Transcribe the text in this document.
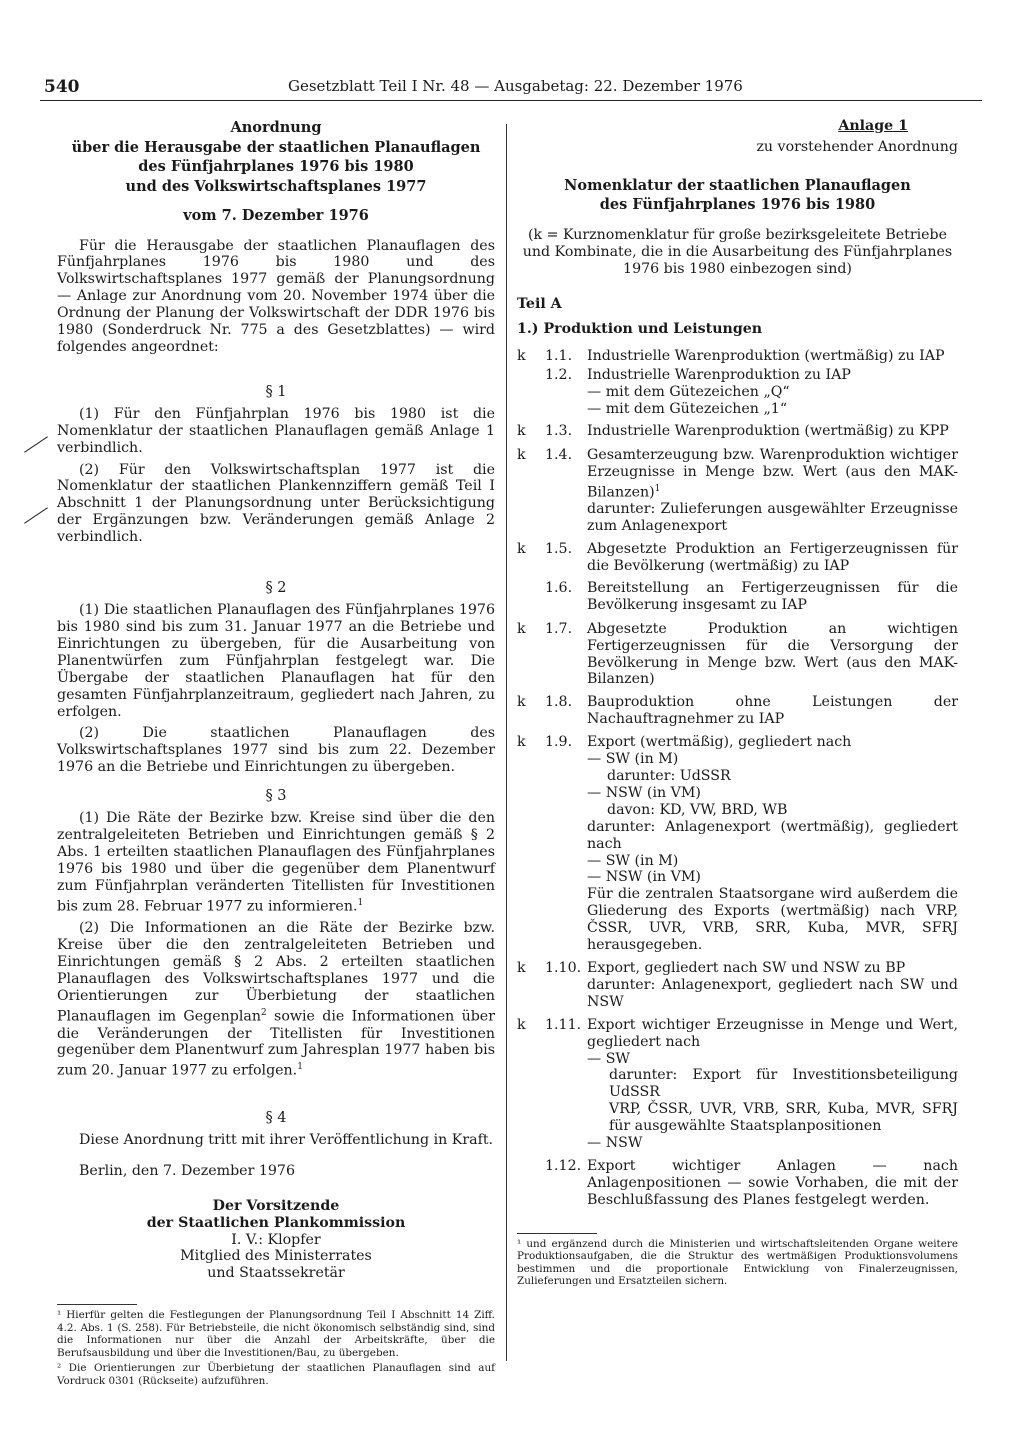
540	Gesetzblatt Teil I Nr. 48 — Ausgabetag: 22. Dezember 1976
Anordnung
über die Herausgabe der staatlichen Planauflagen
des Fünfjahrplanes 1976 bis 1980
und des Volkswirtschaftsplanes 1977
vom 7. Dezember 1976
Für die Herausgabe der staatlichen Planauflagen des Fünfjahrplanes 1976 bis 1980 und des Volkswirtschaftsplanes 1977 gemäß der Planungsordnung — Anlage zur Anordnung vom 20. November 1974 über die Ordnung der Planung der Volkswirtschaft der DDR 1976 bis 1980 (Sonderdruck Nr. 775 a des Gesetzblattes) — wird folgendes angeordnet:
§ 1
(1) Für den Fünfjahrplan 1976 bis 1980 ist die Nomenklatur der staatlichen Planauflagen gemäß Anlage 1 verbindlich.
(2) Für den Volkswirtschaftsplan 1977 ist die Nomenklatur der staatlichen Plankennziffern gemäß Teil I Abschnitt 1 der Planungsordnung unter Berücksichtigung der Ergänzungen bzw. Veränderungen gemäß Anlage 2 verbindlich.
§ 2
(1) Die staatlichen Planauflagen des Fünfjahrplanes 1976 bis 1980 sind bis zum 31. Januar 1977 an die Betriebe und Einrichtungen zu übergeben, für die Ausarbeitung von Planentwürfen zum Fünfjahrplan festgelegt war. Die Übergabe der staatlichen Planauflagen hat für den gesamten Fünfjahrplanzeitraum, gegliedert nach Jahren, zu erfolgen.
(2) Die staatlichen Planauflagen des Volkswirtschaftsplanes 1977 sind bis zum 22. Dezember 1976 an die Betriebe und Einrichtungen zu übergeben.
§ 3
(1) Die Räte der Bezirke bzw. Kreise sind über die den zentralgeleiteten Betrieben und Einrichtungen gemäß § 2 Abs. 1 erteilten staatlichen Planauflagen des Fünfjahrplanes 1976 bis 1980 und über die gegenüber dem Planentwurf zum Fünfjahrplan veränderten Titellisten für Investitionen bis zum 28. Februar 1977 zu informieren.$^1$
(2) Die Informationen an die Räte der Bezirke bzw. Kreise über die den zentralgeleiteten Betrieben und Einrichtungen gemäß § 2 Abs. 2 erteilten staatlichen Planauflagen des Volkswirtschaftsplanes 1977 und die Orientierungen zur Überbietung der staatlichen Planauflagen im Gegenplan$^2$ sowie die Informationen über die Veränderungen der Titellisten für Investitionen gegenüber dem Planentwurf zum Jahresplan 1977 haben bis zum 20. Januar 1977 zu erfolgen.$^1$
§ 4
Diese Anordnung tritt mit ihrer Veröffentlichung in Kraft.
Berlin, den 7. Dezember 1976
Der Vorsitzende
der Staatlichen Plankommission
I. V.: Klopfer
Mitglied des Ministerrates
und Staatssekretär
¹ Hierfür gelten die Festlegungen der Planungsordnung Teil I Abschnitt 14 Ziff. 4.2. Abs. 1 (S. 258). Für Betriebsteile, die nicht ökonomisch selbständig sind, sind die Informationen nur über die Anzahl der Arbeitskräfte, über die Berufsausbildung und über die Investitionen/Bau, zu übergeben.
² Die Orientierungen zur Überbietung der staatlichen Planauflagen sind auf Vordruck 0301 (Rückseite) aufzuführen.
Anlage 1
zu vorstehender Anordnung
Nomenklatur der staatlichen Planauflagen
des Fünfjahrplanes 1976 bis 1980
(k = Kurznomenklatur für große bezirksgeleitete Betriebe und Kombinate, die in die Ausarbeitung des Fünfjahrplanes 1976 bis 1980 einbezogen sind)
Teil A
1.) Produktion und Leistungen
k	1.1.	Industrielle Warenproduktion (wertmäßig) zu IAP
1.2.	Industrielle Warenproduktion zu IAP
— mit dem Gütezeichen „Q“
— mit dem Gütezeichen „1“
k	1.3.	Industrielle Warenproduktion (wertmäßig) zu KPP
k	1.4.	Gesamterzeugung bzw. Warenproduktion wichtiger Erzeugnisse in Menge bzw. Wert (aus den MAK-Bilanzen)$^1$
darunter: Zulieferungen ausgewählter Erzeugnisse zum Anlagenexport
k	1.5.	Abgesetzte Produktion an Fertigerzeugnissen für die Bevölkerung (wertmäßig) zu IAP
1.6.	Bereitstellung an Fertigerzeugnissen für die Bevölkerung insgesamt zu IAP
k	1.7.	Abgesetzte Produktion an wichtigen Fertigerzeugnissen für die Versorgung der Bevölkerung in Menge bzw. Wert (aus den MAK-Bilanzen)
k	1.8.	Bauproduktion ohne Leistungen der Nachauftragnehmer zu IAP
k	1.9.	Export (wertmäßig), gegliedert nach
— SW (in M)
darunter: UdSSR
— NSW (in VM)
davon: KD, VW, BRD, WB
darunter: Anlagenexport (wertmäßig), gegliedert nach
— SW (in M)
— NSW (in VM)
Für die zentralen Staatsorgane wird außerdem die Gliederung des Exports (wertmäßig) nach VRP, ČSSR, UVR, VRB, SRR, Kuba, MVR, SFRJ herausgegeben.
k	1.10. Export, gegliedert nach SW und NSW zu BP
darunter: Anlagenexport, gegliedert nach SW und NSW
k	1.11. Export wichtiger Erzeugnisse in Menge und Wert, gegliedert nach
— SW
darunter: Export für Investitionsbeteiligung UdSSR
VRP, ČSSR, UVR, VRB, SRR, Kuba, MVR, SFRJ für ausgewählte Staatsplanpositionen
— NSW
1.12. Export wichtiger Anlagen — nach Anlagenpositionen — sowie Vorhaben, die mit der Beschlußfassung des Planes festgelegt werden.
¹ und ergänzend durch die Ministerien und wirtschaftsleitenden Organe weitere Produktionsaufgaben, die die Struktur des wertmäßigen Produktionsvolumens bestimmen und die proportionale Entwicklung von Finalerzeugnissen, Zulieferungen und Ersatzteilen sichern.
